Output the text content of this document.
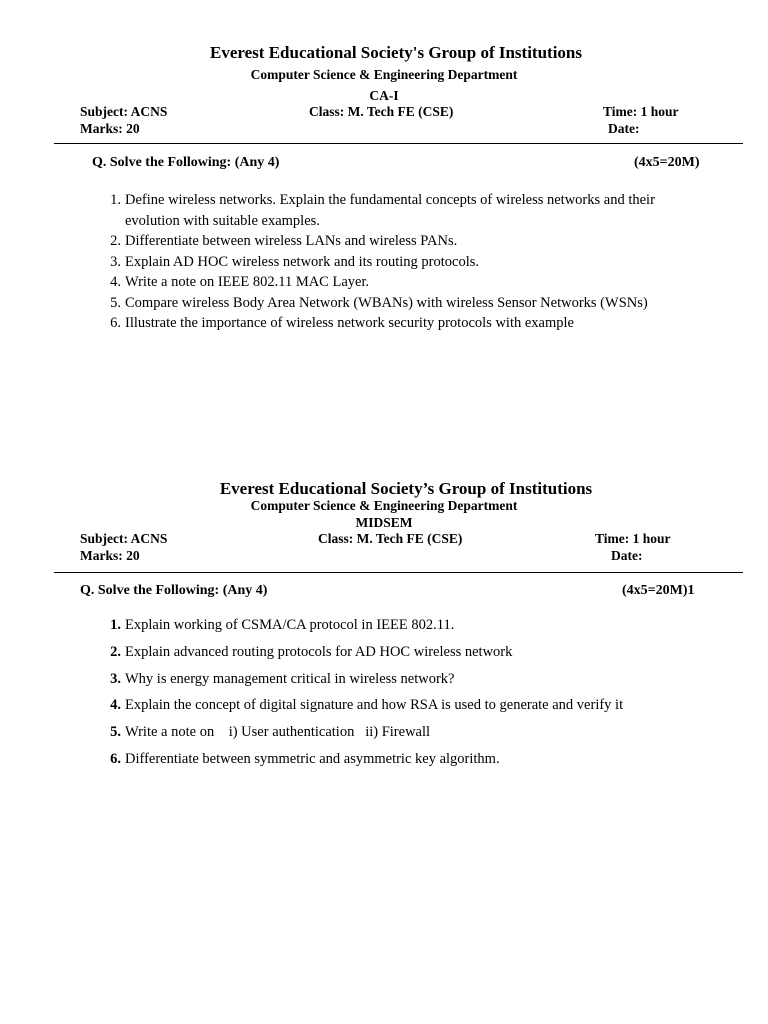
Everest Educational Society's Group of Institutions
Computer Science & Engineering Department
CA-I
Subject: ACNS	Class: M. Tech FE (CSE)	Time: 1 hour
Marks: 20	Date:
Q. Solve the Following: (Any 4)	(4x5=20M)
1. Define wireless networks. Explain the fundamental concepts of wireless networks and their
evolution with suitable examples.
2. Differentiate between wireless LANs and wireless PANs.
3. Explain AD HOC wireless network and its routing protocols.
4. Write a note on IEEE 802.11 MAC Layer.
5. Compare wireless Body Area Network (WBANs) with wireless Sensor Networks (WSNs)
6. Illustrate the importance of wireless network security protocols with example
Everest Educational Society’s Group of Institutions
Computer Science & Engineering Department
MIDSEM
Subject: ACNS	Class: M. Tech FE (CSE)	Time: 1 hour
Marks: 20	Date:
Q. Solve the Following: (Any 4)	(4x5=20M)1
1. Explain working of CSMA/CA protocol in IEEE 802.11.
2. Explain advanced routing protocols for AD HOC wireless network
3. Why is energy management critical in wireless network?
4. Explain the concept of digital signature and how RSA is used to generate and verify it
5. Write a note on    i) User authentication   ii) Firewall
6. Differentiate between symmetric and asymmetric key algorithm.
